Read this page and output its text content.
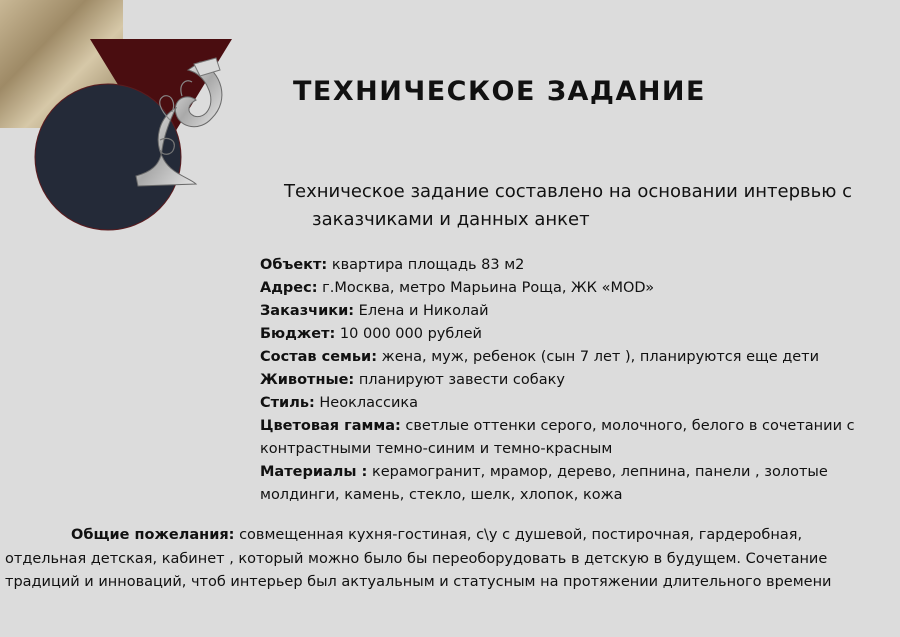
ТЕХНИЧЕСКОЕ ЗАДАНИЕ
Техническое задание составлено на основании интервью с
заказчиками и данных анкет
Объект: квартира площадь 83 м2
Адрес: г.Москва, метро Марьина Роща, ЖК «MOD»
Заказчики: Елена и Николай
Бюджет: 10 000 000 рублей
Состав семьи: жена, муж, ребенок (сын 7 лет ), планируются еще дети
Животные: планируют завести собаку
Стиль: Неоклассика
Цветовая гамма: светлые оттенки серого, молочного, белого в сочетании с контрастными темно-синим и темно-красным
Материалы : керамогранит, мрамор, дерево, лепнина, панели , золотые молдинги, камень, стекло, шелк, хлопок, кожа
Общие пожелания: совмещенная кухня-гостиная, с\у с душевой, постирочная, гардеробная, отдельная детская, кабинет , который можно было бы переоборудовать в детскую в будущем. Сочетание традиций и инноваций, чтоб интерьер был актуальным и статусным на протяжении длительного времени
